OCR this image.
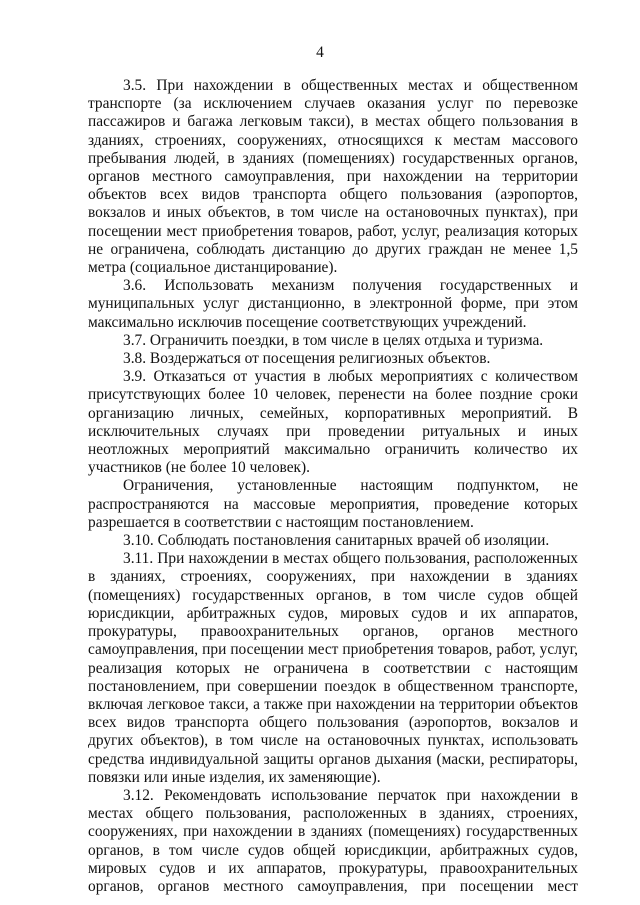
4

3.5. При нахождении в общественных местах и общественном транспорте (за исключением случаев оказания услуг по перевозке пассажиров и багажа легковым такси), в местах общего пользования в зданиях, строениях, сооружениях, относящихся к местам массового пребывания людей, в зданиях (помещениях) государственных органов, органов местного самоуправления, при нахождении на территории объектов всех видов транспорта общего пользования (аэропортов, вокзалов и иных объектов, в том числе на остановочных пунктах), при посещении мест приобретения товаров, работ, услуг, реализация которых не ограничена, соблюдать дистанцию до других граждан не менее 1,5 метра (социальное дистанцирование).

3.6. Использовать механизм получения государственных и муниципальных услуг дистанционно, в электронной форме, при этом максимально исключив посещение соответствующих учреждений.

3.7. Ограничить поездки, в том числе в целях отдыха и туризма.

3.8. Воздержаться от посещения религиозных объектов.

3.9. Отказаться от участия в любых мероприятиях с количеством присутствующих более 10 человек, перенести на более поздние сроки организацию личных, семейных, корпоративных мероприятий. В исключительных случаях при проведении ритуальных и иных неотложных мероприятий максимально ограничить количество их участников (не более 10 человек).

Ограничения, установленные настоящим подпунктом, не распространяются на массовые мероприятия, проведение которых разрешается в соответствии с настоящим постановлением.

3.10. Соблюдать постановления санитарных врачей об изоляции.

3.11. При нахождении в местах общего пользования, расположенных в зданиях, строениях, сооружениях, при нахождении в зданиях (помещениях) государственных органов, в том числе судов общей юрисдикции, арбитражных судов, мировых судов и их аппаратов, прокуратуры, правоохранительных органов, органов местного самоуправления, при посещении мест приобретения товаров, работ, услуг, реализация которых не ограничена в соответствии с настоящим постановлением, при совершении поездок в общественном транспорте, включая легковое такси, а также при нахождении на территории объектов всех видов транспорта общего пользования (аэропортов, вокзалов и других объектов), в том числе на остановочных пунктах, использовать средства индивидуальной защиты органов дыхания (маски, респираторы, повязки или иные изделия, их заменяющие).

3.12. Рекомендовать использование перчаток при нахождении в местах общего пользования, расположенных в зданиях, строениях, сооружениях, при нахождении в зданиях (помещениях) государственных органов, в том числе судов общей юрисдикции, арбитражных судов, мировых судов и их аппаратов, прокуратуры, правоохранительных органов, органов местного самоуправления, при посещении мест
